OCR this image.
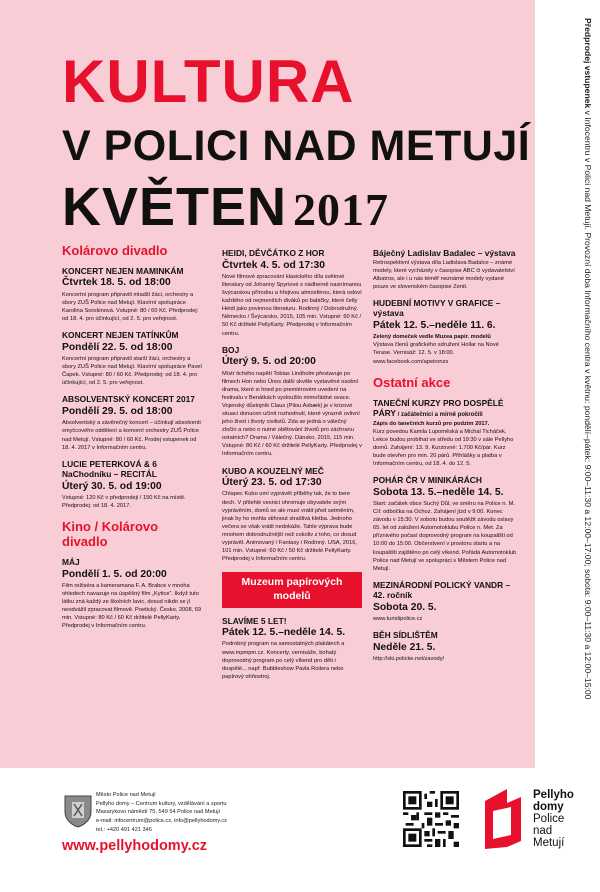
Předprodej vstupenek v Infocentru v Polici nad Metují. Provozní doba Informačního centra v květnu: pondělí–pátek: 9:00–11:30 a 12:00–17:00; sobota: 9:00–11:30 a 12:00–15:00
KULTURA
V POLICI NAD METUJÍ
KVĚTEN 2017
Kolárovo divadlo
KONCERT NEJEN MAMINKÁM
Čtvrtek 18. 5. od 18:00
Koncertní program připravili mladší žáci, orchestry a sbory ZUŠ Police nad Metují. Klavírní spolupráce Karolina Sorokinová. Vstupné: 80 / 60 Kč. Předprodej: od 18. 4. pro účinkující, od 2. 5. pro veřejnost.
KONCERT NEJEN TATÍNKŮM
Pondělí 22. 5. od 18:00
Koncertní program připravili starší žáci, orchestry a sbory ZUŠ Police nad Metují. Klavírní spolupráce Pavel Čapek. Vstupné: 80 / 60 Kč. Předprodej: od 18. 4. pro účinkující, od 2. 5. pro veřejnost.
ABSOLVENTSKÝ KONCERT 2017
Pondělí 29. 5. od 18:00
Absolventský a závěrečný koncert – účinkují absolventi smyčcového oddělení a komorní orchestry ZUŠ Police nad Metují. Vstupné: 80 / 60 Kč. Prodej vstupenek od 18. 4. 2017 v Informačním centru.
LUCIE PETERKOVÁ & 6 NaChodníku – RECITÁL
Úterý 30. 5. od 19:00
Vstupné: 120 Kč v předprodeji / 150 Kč na místě. Předprodej: od 18. 4. 2017.
Kino / Kolárovo divadlo
MÁJ
Pondělí 1. 5. od 20:00
Film režiséra a kameramana F. A. Brabce v mnoha ohledech navazuje na úspěšný film „Kytice“. Ikdyž tuto látku zná každý ze školních lavic, dosud nikdo se jí neodvážil zpracovat filmově. Poetický. Česko, 2008, 69 min. Vstupné: 80 Kč / 60 Kč držitelé PellyKarty. Předprodej v Informačním centru.
HEIDI, DĚVČÁTKO Z HOR
Čtvrtek 4. 5. od 17:30
Nové filmové zpracování klasického díla světové literatury od Johanny Spyriové s nádherně nasnímanou švýcarskou přírodou a hřejivou atmosférou, která osloví každého od nejmenších diváků po babičky, které četly Heidi jako povinnou literaturu. Rodinný / Dobrodružný. Německo / Švýcarsko, 2015, 105 min. Vstupné: 60 Kč / 50 Kč držitelé PellyKarty. Předprodej v Informačním centru.
BOJ
Úterý 9. 5. od 20:00
Místr tichého napětí Tobias Lindholm přestavuje po filmech Hon nebo Únos další skvěle vystavěné osobní drama, které si hned po premiérovém uvedení na festivalu v Benátkách vysloužilo mimořádné ovace. Vojenský důstojník Claus (Pilou Asbæk) je v krizové situaci donucen učinit rozhodnutí, které výrazně ovlivní jeho život i životy civilistů. Zda se jedná o válečný zločin a nebo o nutné obětování životů pro záchranu ostatních? Drama / Válečný. Dánsko, 2015, 115 min. Vstupné: 80 Kč / 60 Kč držitelé PellyKarty. Předprodej v Informačním centru.
KUBO A KOUZELNÝ MEČ
Úterý 23. 5. od 17:30
Chlapec Kubo umí vyprávět příběhy tak, že to bere dech. V přilehlé vesnici ohromuje obyvatele svým vyprávěním, domů se ale musí vrátit před setměním, jinak by ho mohla stihnout strašlivá kletba. Jednoho večera se však vrátit nedokáže. Tahle výpravа bude mnohem dobrodružnější než cokoliv z toho, co dosud vyprávěl. Animovaný / Fantasy / Rodinný. USA, 2016, 101 min. Vstupné: 60 Kč / 50 Kč držitelé PellyKarty. Předprodej v Informačním centru.
Muzeum papírových modelů
SLAVÍME 5 LET!
Pátek 12. 5.–neděle 14. 5.
Podrobný program na samostatných plakátech a www.mpmpm.cz. Koncerty, vernisáže, bohatý doprovodný program po celý víkend pro děti i dospělé... např. Bubbleshow Pavla Roilera nebo papírový ohňostroj.
Báječný Ladislav Badalec – výstava
Retrospektivní výstava díla Ladislava Badalce – známé modely, které vycházely v časopise ABC či vydavatelství Albatros, ale i u nás téměř neznámé modely vydané pouze ve slovenském časopise Zenit.
HUDEBNÍ MOTIVY V GRAFICE – výstava
Pátek 12. 5.–neděle 11. 6.
Zelený domeček vedle Muzea papír. modelů
Výstava členů grafického sdružení Hollar na Nové Terase. Vernisáž: 12. 5. v 18:00.
www.facebook.com/apeironzs
Ostatní akce
TANEČNÍ KURZY PRO DOSPĚLÉ PÁRY / začátečníci a mírně pokročilí
Zápis do tanečních kurzů pro podzim 2017.
Kurz povedou Kamila Lupoměská a Michal Ticháček. Lekce budou probíhat ve středu od 19:30 v sále Pellyho domů. Zahájení: 13. 9. Kurzovné: 1.700 Kč/pár. Kurz bude otevřen pro min. 20 párů. Přihlášky a platba v Informačním centru, od 18. 4. do 12. 5.
POHÁR ČR V MINIKÁRÁCH
Sobota 13. 5.–neděle 14. 5.
Start: začátek obce Suchý Důl, ve směru na Police n. M. Cíl: odbočka na Ochoz. Zahájení jízd v 9:00. Konec závodu v 15:30. V sobotu budou soutěžit závodu oslavy 65. let od založení Automotoklubu Police n. Met. Za příznivého počasí doprovodný program na koupališti od 10:00 do 15:00. Občerstvení v prostoru startu a na koupališti zajištěno po celý víkend. Pořádá Automotoklub Police nad Metují ve spolupráci s Městem Police nad Metují.
MEZINÁRODNÍ POLICKÝ VANDR – 42. ročník
Sobota 20. 5.
www.turistipolice.cz
BĚH SÍDLIŠTĚM
Neděle 21. 5.
http://ski.policke.net/zavody/
Město Police nad Metují
Pellyho domy – Centrum kultury, vzdělávání a sportu
Masarykovo náměstí 75, 549 54 Police nad Metují
e-mail: infocentrum@police.cz, info@pellyhodomy.cz
tel.: +420 491 421 346
www.pellyhodomy.cz
Pellyho
domy
Police
nad
Metují
